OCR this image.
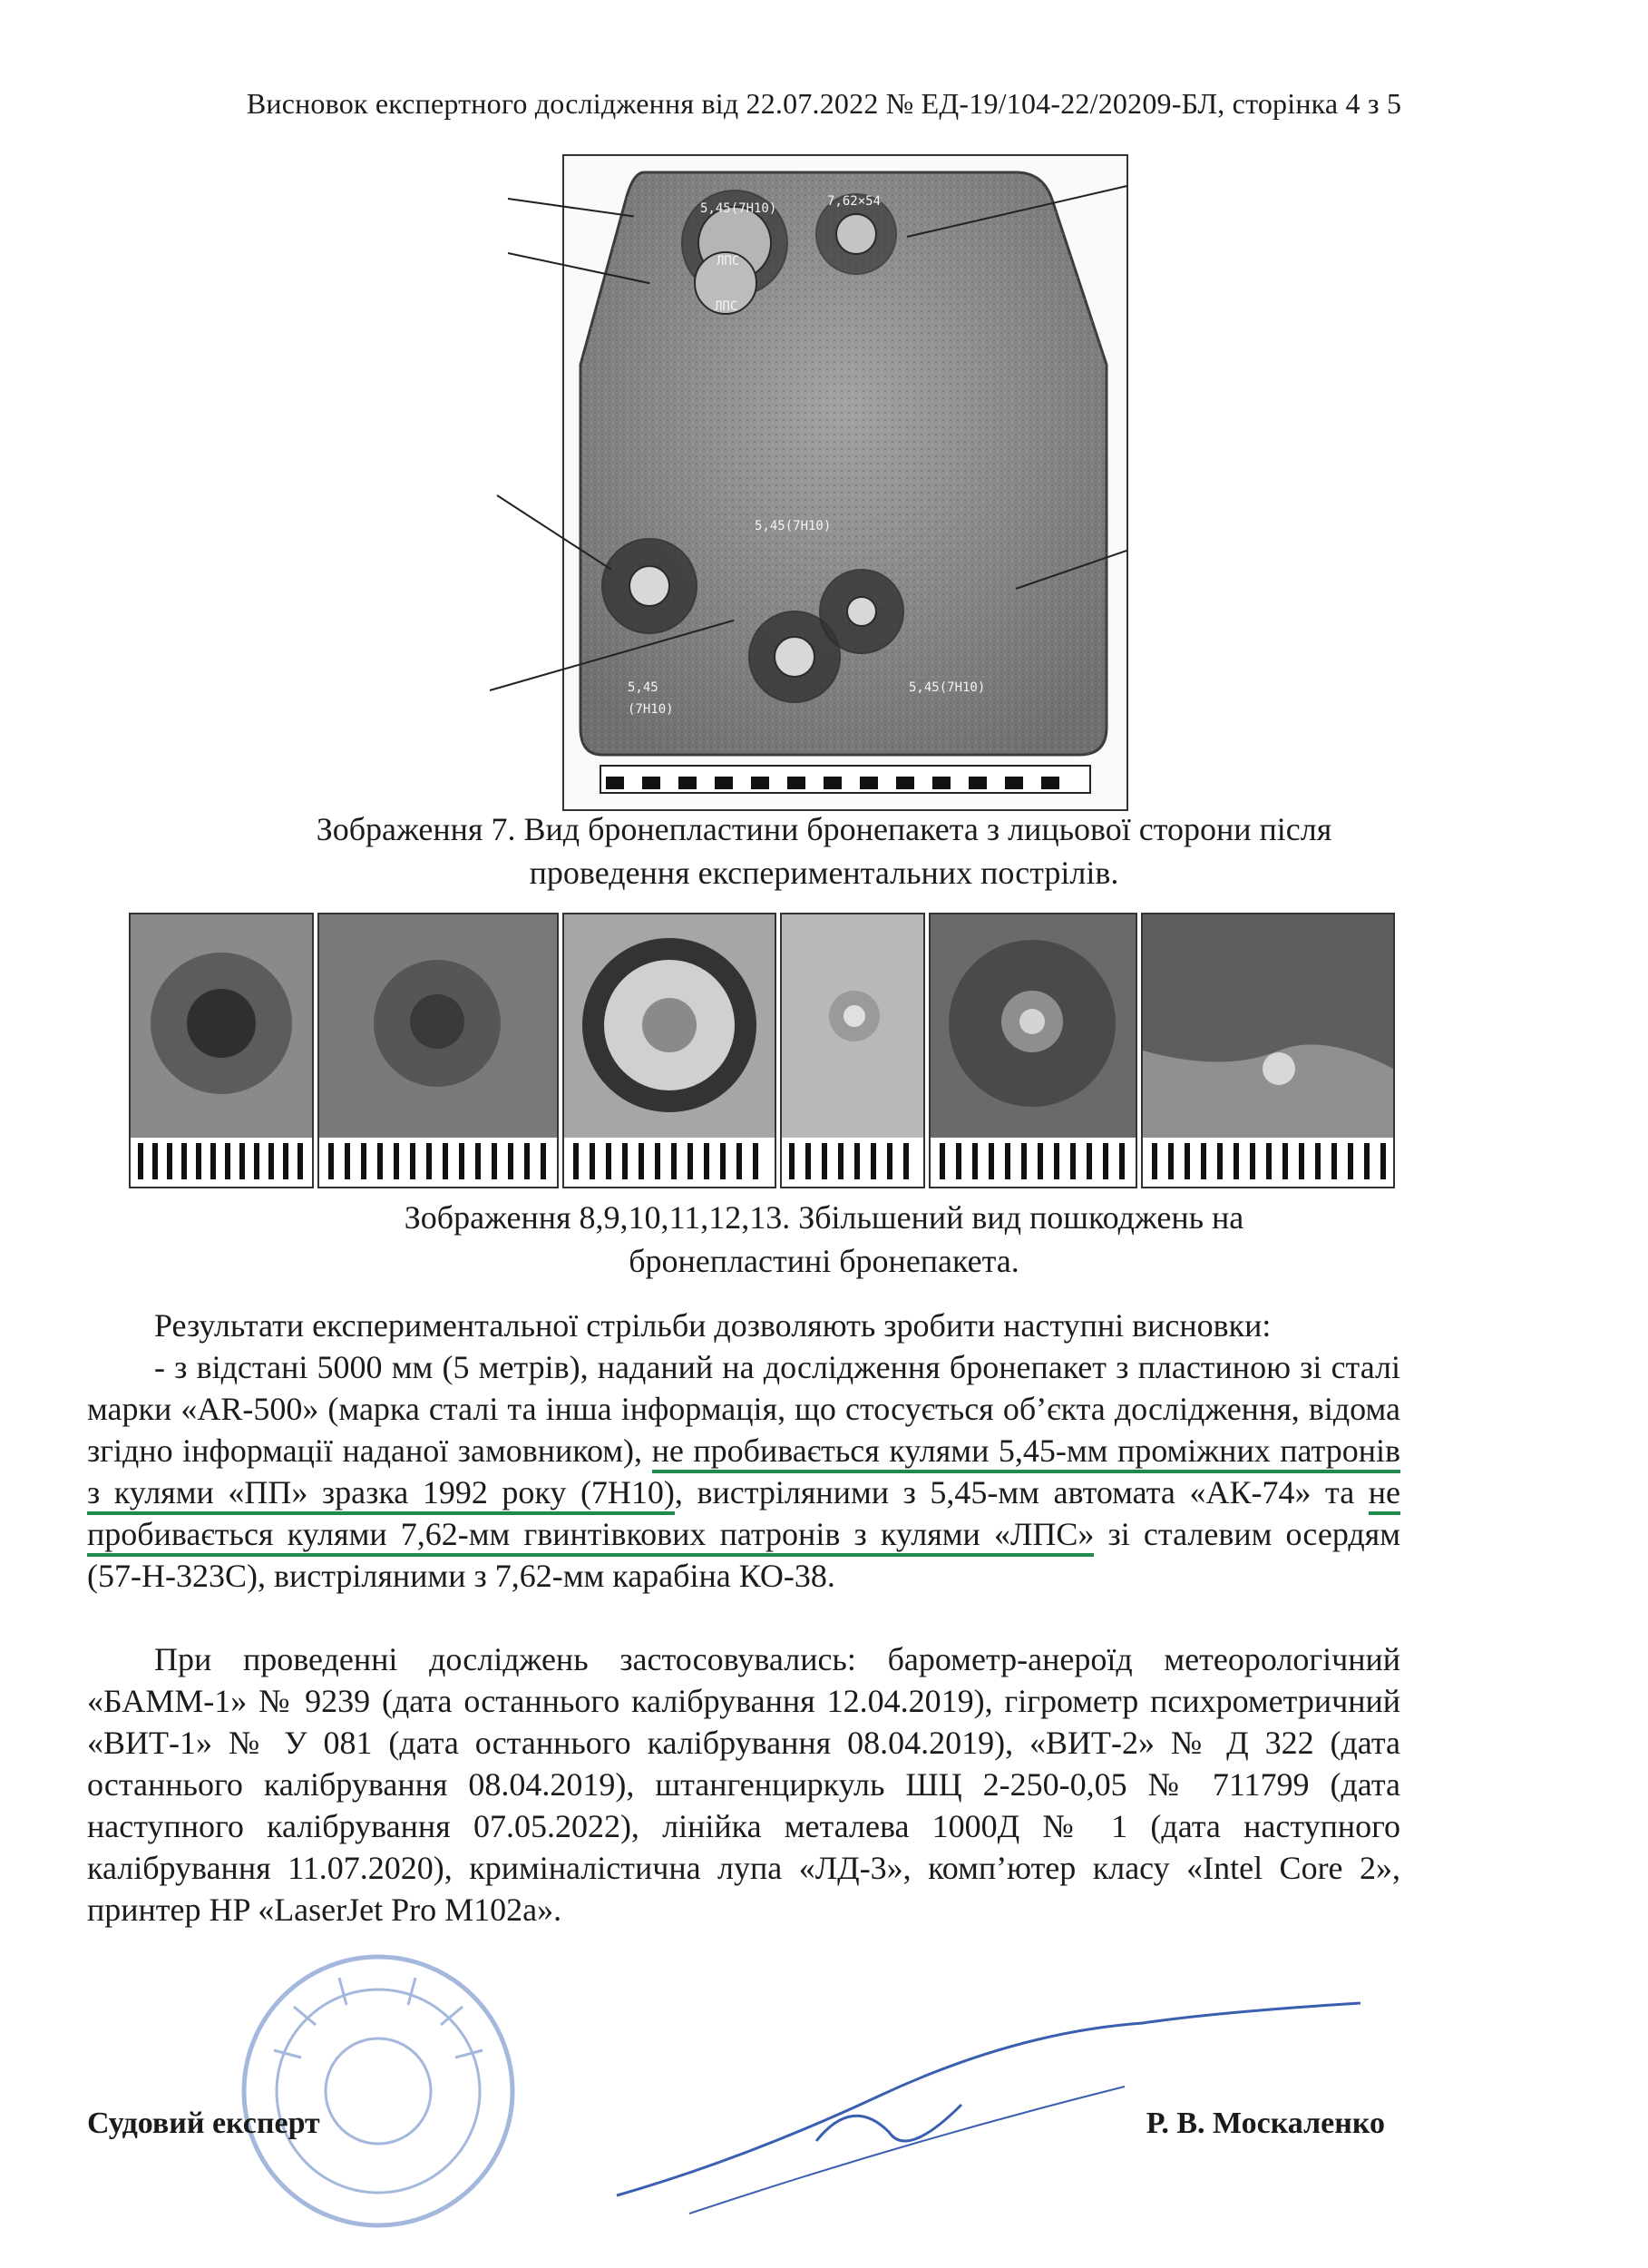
Висновок експертного дослідження від 22.07.2022 № ЕД-19/104-22/20209-БЛ, сторінка 4 з 5
5,45(7Н10)
ЛПС
7,62×54
ЛПС
5,45(7Н10)
5,45
(7Н10)
5,45(7Н10)
Зображення 7. Вид бронепластини бронепакета з лицьової сторони після
проведення експериментальних пострілів.
Зображення 8,9,10,11,12,13. Збільшений вид пошкоджень на
бронепластині бронепакета.

Результати експериментальної стрільби дозволяють зробити наступні висновки:

- з відстані 5000 мм (5 метрів), наданий на дослідження бронепакет з пластиною зі сталі марки «AR-500» (марка сталі та інша інформація, що стосується об’єкта дослідження, відома згідно інформації наданої замовником), не пробивається кулями 5,45-мм проміжних патронів з кулями «ПП» зразка 1992 року (7Н10), вистріляними з 5,45-мм автомата «АК-74» та не пробивається кулями 7,62-мм гвинтівкових патронів з кулями «ЛПС» зі сталевим осердям (57-Н-323С), вистріляними з 7,62-мм карабіна КО-38.

При проведенні досліджень застосовувались: барометр-анероїд метеорологічний «БАММ-1» № 9239 (дата останнього калібрування 12.04.2019), гігрометр психрометричний «ВИТ-1» № У 081 (дата останнього калібрування 08.04.2019), «ВИТ-2» № Д 322 (дата останнього калібрування 08.04.2019), штангенциркуль ШЦ 2-250-0,05 № 711799 (дата наступного калібрування 07.05.2022), лінійка металева 1000Д № 1 (дата наступного калібрування 11.07.2020), криміналістична лупа «ЛД-3», комп’ютер класу «Intel Core 2», принтер HP «LaserJet Pro M102a».

Судовий експерт	Р. В. Москаленко
